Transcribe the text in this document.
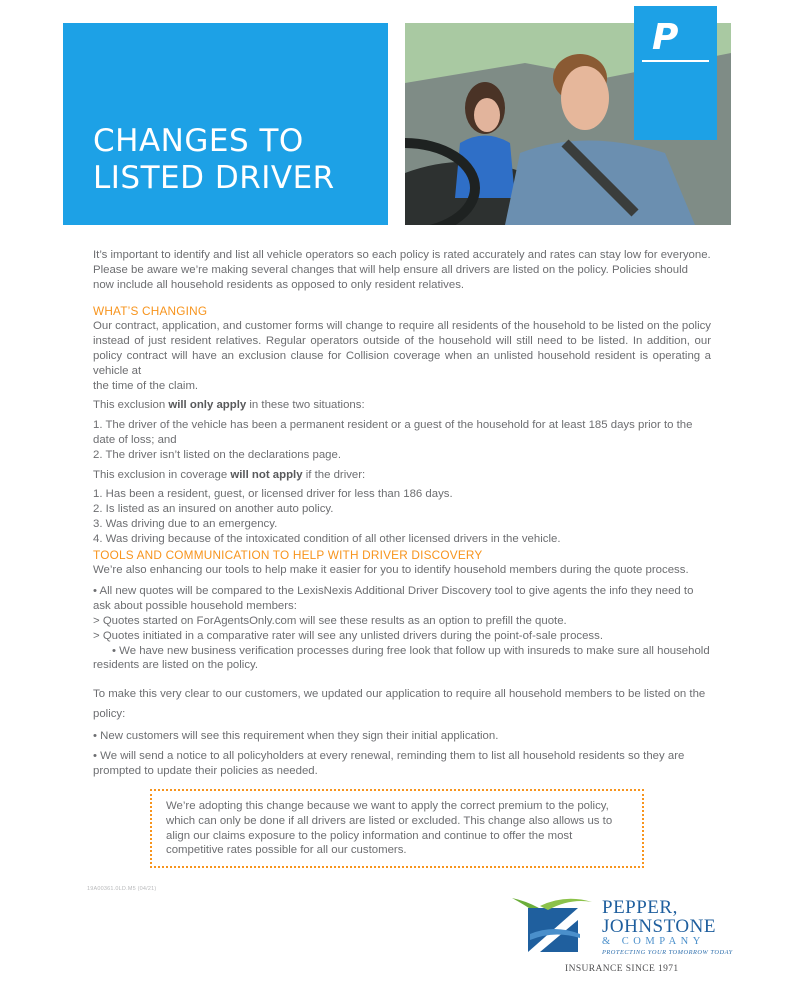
CHANGES TO
LISTED DRIVER
P

It’s important to identify and list all vehicle operators so each policy is rated accurately and rates can stay low for everyone. Please be aware we’re making several changes that will help ensure all drivers are listed on the policy. Policies should now include all household residents as opposed to only resident relatives.

WHAT’S CHANGING

Our contract, application, and customer forms will change to require all residents of the household to be listed on the policy instead of just resident relatives. Regular operators outside of the household will still need to be listed. In addition, our policy contract will have an exclusion clause for Collision coverage when an unlisted household resident is operating a vehicle at

the time of the claim.

This exclusion will only apply in these two situations:

1. The driver of the vehicle has been a permanent resident or a guest of the household for at least 185 days prior to the date of loss; and
2. The driver isn’t listed on the declarations page.

This exclusion in coverage will not apply if the driver:

1. Has been a resident, guest, or licensed driver for less than 186 days.
2. Is listed as an insured on another auto policy.
3. Was driving due to an emergency.
4. Was driving because of the intoxicated condition of all other licensed drivers in the vehicle.
TOOLS AND COMMUNICATION TO HELP WITH DRIVER DISCOVERY

We’re also enhancing our tools to help make it easier for you to identify household members during the quote process.

• All new quotes will be compared to the LexisNexis Additional Driver Discovery tool to give agents the info they need to ask about possible household members:
> Quotes started on ForAgentsOnly.com will see these results as an option to prefill the quote.
> Quotes initiated in a comparative rater will see any unlisted drivers during the point-of-sale process.
• We have new business verification processes during free look that follow up with insureds to make sure all household residents are listed on the policy.

To make this very clear to our customers, we updated our application to require all household members to be listed on the policy:

• New customers will see this requirement when they sign their initial application.
• We will send a notice to all policyholders at every renewal, reminding them to list all household residents so they are prompted to update their policies as needed.
We’re adopting this change because we want to apply the correct premium to the policy, which can only be done if all drivers are listed or excluded. This change also allows us to align our claims exposure to the policy information and continue to offer the most competitive rates possible for all our customers.
19A00361.0LD.M5 (04/21)
PEPPER,
JOHNSTONE
& COMPANY
PROTECTING YOUR TOMORROW TODAY
INSURANCE SINCE 1971
